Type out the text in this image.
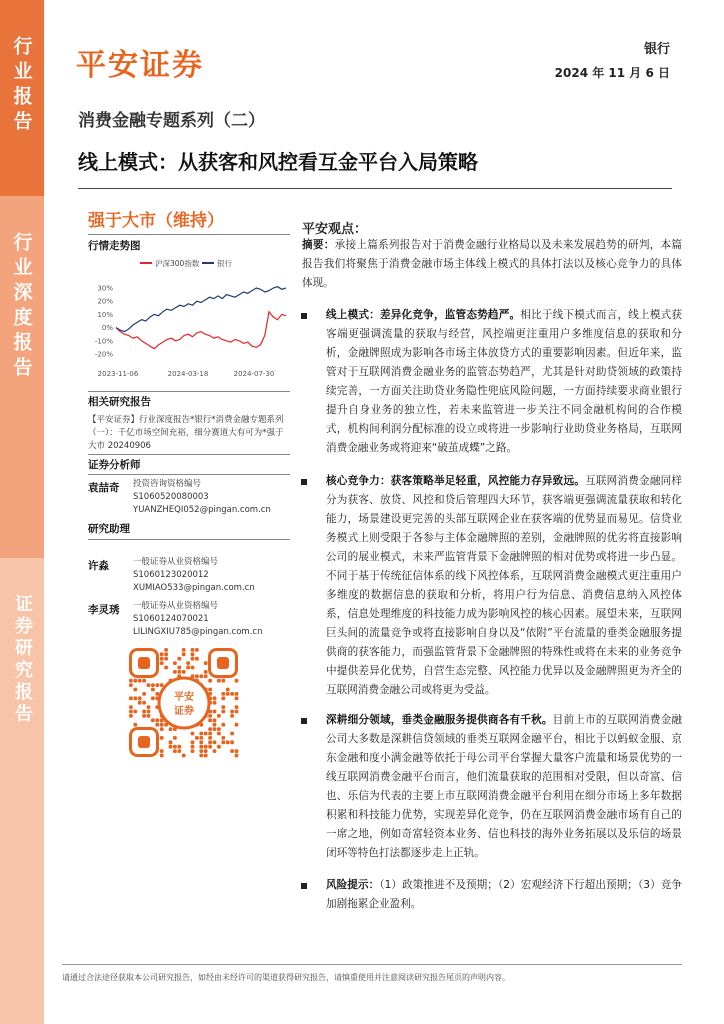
行业报告
行业深度报告
证券研究报告
平安证券	银行
2024 年 11 月 6 日
消费金融专题系列（二）
线上模式：从获客和风控看互金平台入局策略
强于大市（维持）
行情走势图
沪深300指数 银行
30%
20%
10%
0%
-10%
-20%
2023-11-06	2024-03-18	2024-07-30
相关研究报告
【平安证券】行业深度报告*银行*消费金融专题系列（一）：千亿市场空间充裕，细分赛道大有可为*强于大市 20240906
证券分析师
袁喆奇 投资咨询资格编号
S1060520080003
YUANZHEQI052@pingan.com.cn
研究助理
许淼	一般证券从业资格编号
S1060123020012
XUMIAO533@pingan.com.cn
李灵琇 一般证券从业资格编号
S1060124070021
LILINGXIU785@pingan.com.cn
平安
证券
平安观点：
摘要：承接上篇系列报告对于消费金融行业格局以及未来发展趋势的研判，本篇报告我们将聚焦于消费金融市场主体线上模式的具体打法以及核心竞争力的具体体现。
线上模式：差异化竞争，监管态势趋严。相比于线下模式而言，线上模式获客端更强调流量的获取与经营，风控端更注重用户多维度信息的获取和分析，金融牌照成为影响各市场主体放贷方式的重要影响因素。但近年来，监管对于互联网消费金融业务的监管态势趋严，尤其是针对助贷领域的政策持续完善，一方面关注助贷业务隐性兜底风险问题，一方面持续要求商业银行提升自身业务的独立性，若未来监管进一步关注不同金融机构间的合作模式，机构间利润分配标准的设立或将进一步影响行业助贷业务格局，互联网消费金融业务或将迎来“破茧成蝶”之路。
核心竞争力：获客策略举足轻重，风控能力存异致远。互联网消费金融同样分为获客、放贷、风控和贷后管理四大环节，获客端更强调流量获取和转化能力，场景建设更完善的头部互联网企业在获客端的优势显而易见。信贷业务模式上则受限于各参与主体金融牌照的差别，金融牌照的优劣将直接影响公司的展业模式，未来严监管背景下金融牌照的相对优势或将进一步凸显。不同于基于传统征信体系的线下风控体系，互联网消费金融模式更注重用户多维度的数据信息的获取和分析，将用户行为信息、消费信息纳入风控体系，信息处理维度的科技能力成为影响风控的核心因素。展望未来，互联网巨头间的流量竞争或将直接影响自身以及“依附”平台流量的垂类金融服务提供商的获客能力，而强监管背景下金融牌照的特殊性或将在未来的业务竞争中提供差异化优势，自营生态完整、风控能力优异以及金融牌照更为齐全的互联网消费金融公司或将更为受益。
深耕细分领域，垂类金融服务提供商各有千秋。目前上市的互联网消费金融公司大多数是深耕信贷领域的垂类互联网金融平台，相比于以蚂蚁金服、京东金融和度小满金融等依托于母公司平台掌握大量客户流量和场景优势的一线互联网消费金融平台而言，他们流量获取的范围相对受限，但以奇富、信也、乐信为代表的主要上市互联网消费金融平台利用在细分市场上多年数据积累和科技能力优势，实现差异化竞争，仍在互联网消费金融市场有自己的一席之地，例如奇富轻资本业务、信也科技的海外业务拓展以及乐信的场景闭环等特色打法都逐步走上正轨。
风险提示：（1）政策推进不及预期；（2）宏观经济下行超出预期；（3）竞争加剧拖累企业盈利。
请通过合法途径获取本公司研究报告，如经由未经许可的渠道获得研究报告，请慎重使用并注意阅读研究报告尾页的声明内容。
